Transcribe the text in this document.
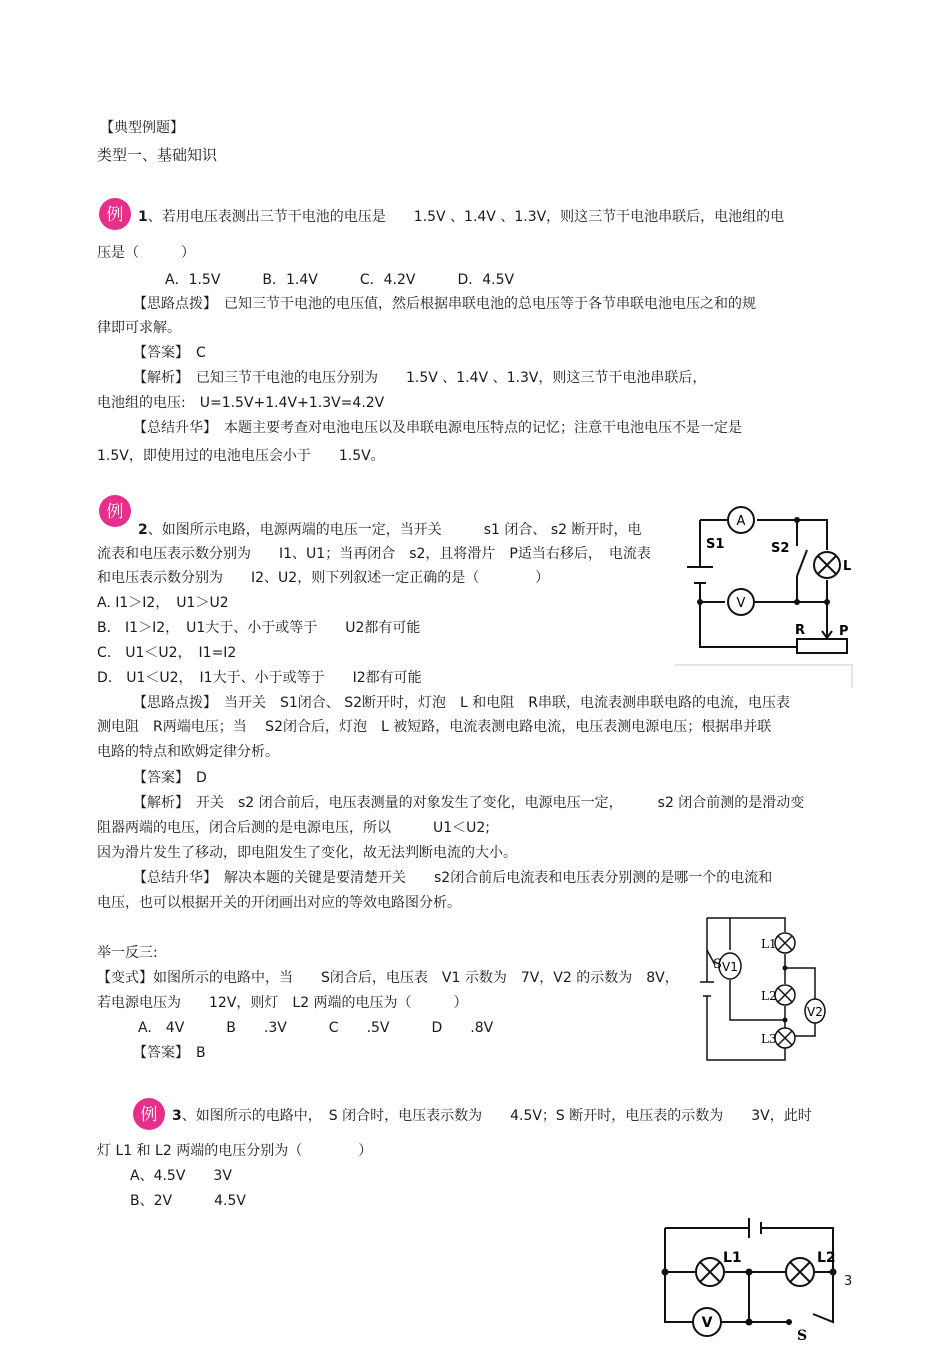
【典型例题】
类型一、基础知识
例 1、若用电压表测出三节干电池的电压是　　1.5V 、1.4V 、1.3V，则这三节干电池串联后，电池组的电
压是（　　　）
A．1.5V　　　B．1.4V　　　C．4.2V　　　D．4.5V
【思路点拨】　 已知三节干电池的电压值，然后根据串联电池的总电压等于各节串联电池电压之和的规
律即可求解。
【答案】　 C
【解析】　 已知三节干电池的电压分别为　　1.5V 、1.4V 、1.3V，则这三节干电池串联后，
电池组的电压:　U=1.5V+1.4V+1.3V=4.2V
【总结升华】　 本题主要考查对电池电压以及串联电源电压特点的记忆；注意干电池电压不是一定是
1.5V，即使用过的电池电压会小于　　1.5V。
例
2、如图所示电路，电源两端的电压一定，当开关　　　s1 闭合、 s2 断开时，电
流表和电压表示数分别为　　I1、U1；当再闭合　s2，且将滑片　P适当右移后，　电流表
和电压表示数分别为　　I2、U2，则下列叙述一定正确的是（　　　　）
A. I1＞I2，　U1＞U2
B.　I1＞I2，　U1大于、小于或等于　　U2都有可能
C.　U1＜U2，　I1=I2
D.　U1＜U2，　I1大于、小于或等于　　I2都有可能
【思路点拨】　 当开关　S1闭合、 S2断开时，灯泡　L 和电阻　R串联，电流表测串联电路的电流，电压表
测电阻　R两端电压；当　 S2闭合后，灯泡　L 被短路，电流表测电路电流，电压表测电源电压；根据串并联
电路的特点和欧姆定律分析。
【答案】　 D
【解析】　 开关　s2 闭合前后，电压表测量的对象发生了变化，电源电压一定，　　　s2 闭合前测的是滑动变
阻器两端的电压，闭合后测的是电源电压，所以　　　U1＜U2;
因为滑片发生了移动，即电阻发生了变化，故无法判断电流的大小。
【总结升华】　 解决本题的关键是要清楚开关　　s2闭合前后电流表和电压表分别测的是哪一个的电流和
电压，也可以根据开关的开闭画出对应的等效电路图分析。
A
V
S1	S2
L
R	P
举一反三:
【变式】如图所示的电路中，当　　S闭合后，电压表　V1 示数为　7V，V2 的示数为　8V，
若电源电压为　　12V，则灯　L2 两端的电压为（　　　）
A.　4V　　　B　　.3V　　　C　　.5V　　　D　　.8V
【答案】　 B
V1
V2
S
L1
L2
L3
例 3、如图所示的电路中，　S 闭合时，电压表示数为　　4.5V；S 断开时，电压表的示数为　　3V，此时
灯 L1 和 L2 两端的电压分别为（　　　　）
A、4.5V　　3V
B、2V　　　4.5V
V
L1	L2
S
3
